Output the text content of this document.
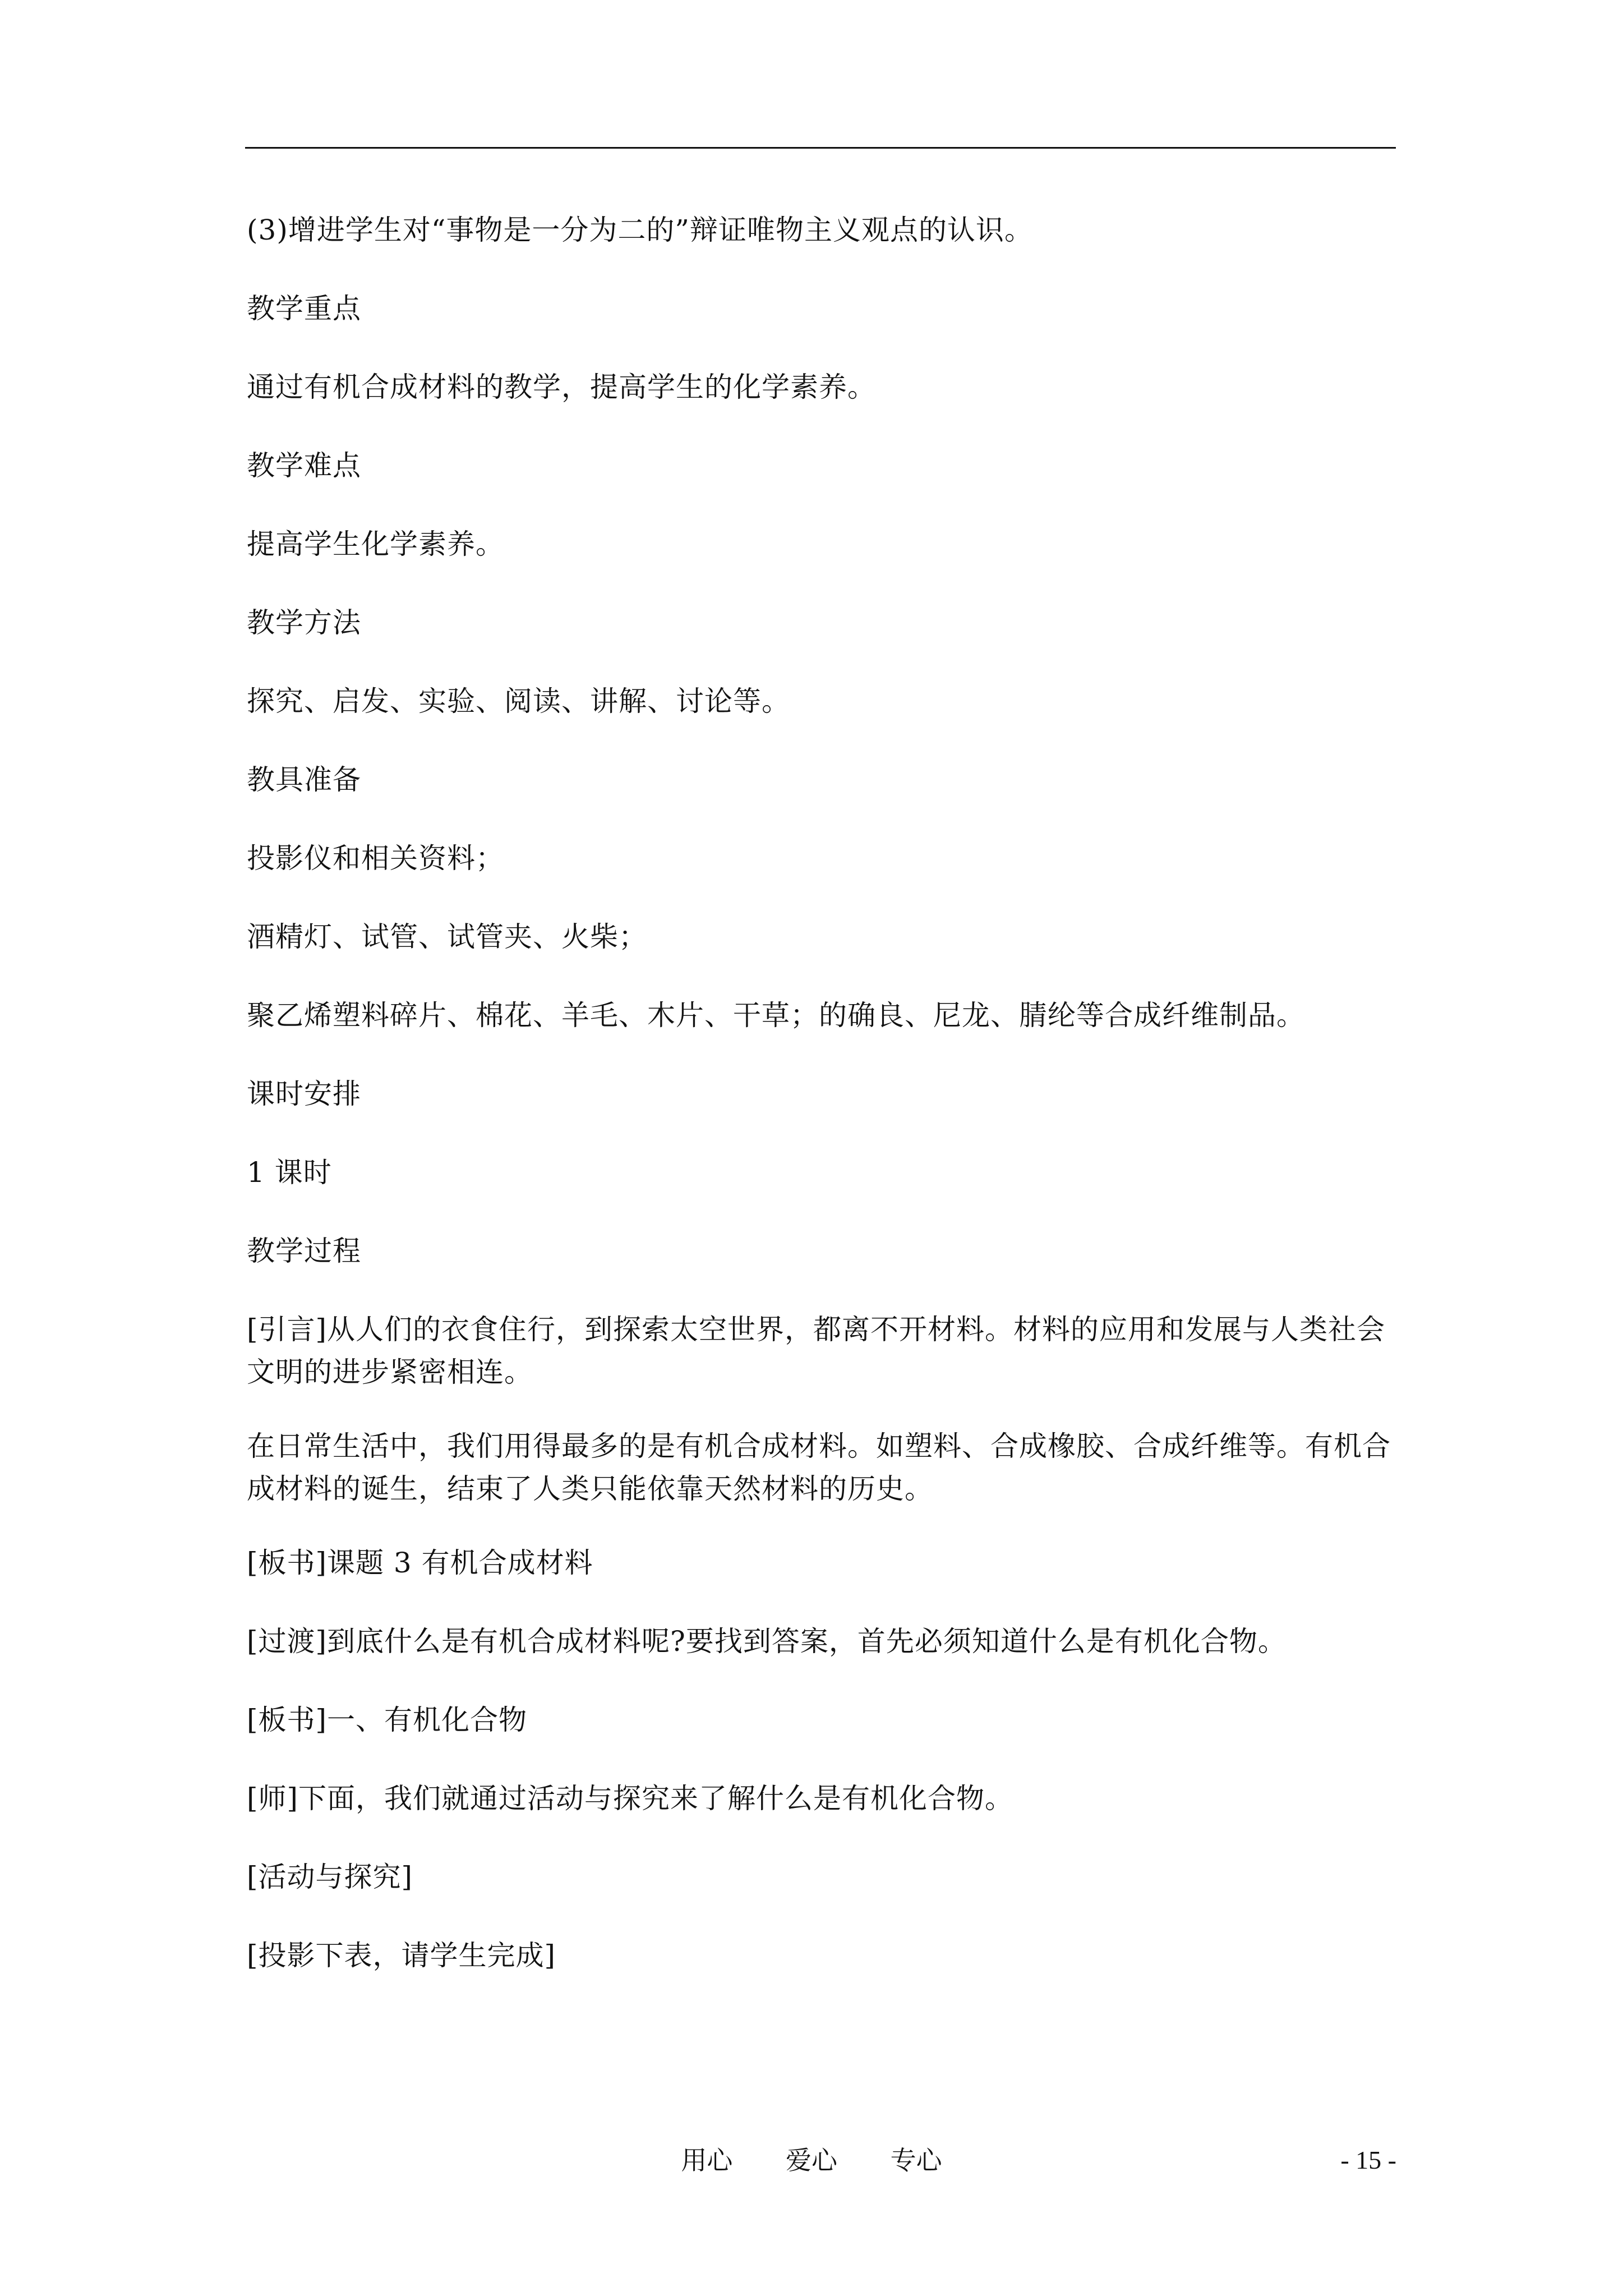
(3)增进学生对“事物是一分为二的”辩证唯物主义观点的认识。

教学重点

通过有机合成材料的教学，提高学生的化学素养。

教学难点

提高学生化学素养。

教学方法

探究、启发、实验、阅读、讲解、讨论等。

教具准备

投影仪和相关资料；

酒精灯、试管、试管夹、火柴；

聚乙烯塑料碎片、棉花、羊毛、木片、干草；的确良、尼龙、腈纶等合成纤维制品。

课时安排

1 课时

教学过程

[引言]从人们的衣食住行，到探索太空世界，都离不开材料。材料的应用和发展与人类社会文明的进步紧密相连。

在日常生活中，我们用得最多的是有机合成材料。如塑料、合成橡胶、合成纤维等。有机合成材料的诞生，结束了人类只能依靠天然材料的历史。

[板书]课题 3 有机合成材料

[过渡]到底什么是有机合成材料呢?要找到答案，首先必须知道什么是有机化合物。

[板书]一、有机化合物

[师]下面，我们就通过活动与探究来了解什么是有机化合物。

[活动与探究]

[投影下表，请学生完成]

用心 爱心 专心	- 15 -
